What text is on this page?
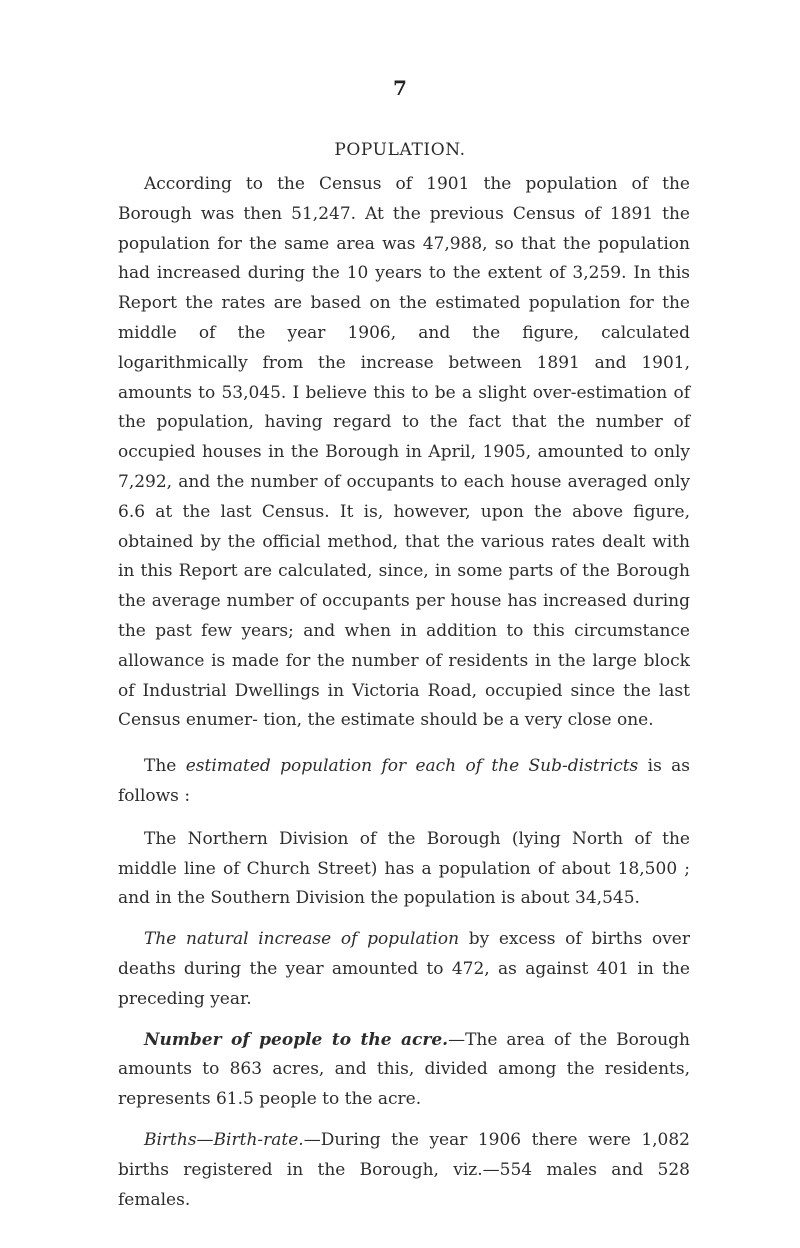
7
POPULATION.

According to the Census of 1901 the population of the Borough was then 51,247. At the previous Census of 1891 the population for the same area was 47,988, so that the population had increased during the 10 years to the extent of 3,259. In this Report the rates are based on the estimated population for the middle of the year 1906, and the figure, calculated logarithmically from the increase between 1891 and 1901, amounts to 53,045. I believe this to be a slight over-estimation of the population, having regard to the fact that the number of occupied houses in the Borough in April, 1905, amounted to only 7,292, and the number of occupants to each house averaged only 6.6 at the last Census. It is, however, upon the above figure, obtained by the official method, that the various rates dealt with in this Report are calculated, since, in some parts of the Borough the average number of occupants per house has increased during the past few years; and when in addition to this circumstance allowance is made for the number of residents in the large block of Industrial Dwellings in Victoria Road, occupied since the last Census enumer- tion, the estimate should be a very close one.

The estimated population for each of the Sub-districts is as follows :

The Northern Division of the Borough (lying North of the middle line of Church Street) has a population of about 18,500 ; and in the Southern Division the population is about 34,545.

The natural increase of population by excess of births over deaths during the year amounted to 472, as against 401 in the preceding year.

Number of people to the acre.—The area of the Borough amounts to 863 acres, and this, divided among the residents, represents 61.5 people to the acre.

Births—Birth-rate.—During the year 1906 there were 1,082 births registered in the Borough, viz.—554 males and 528 females.
